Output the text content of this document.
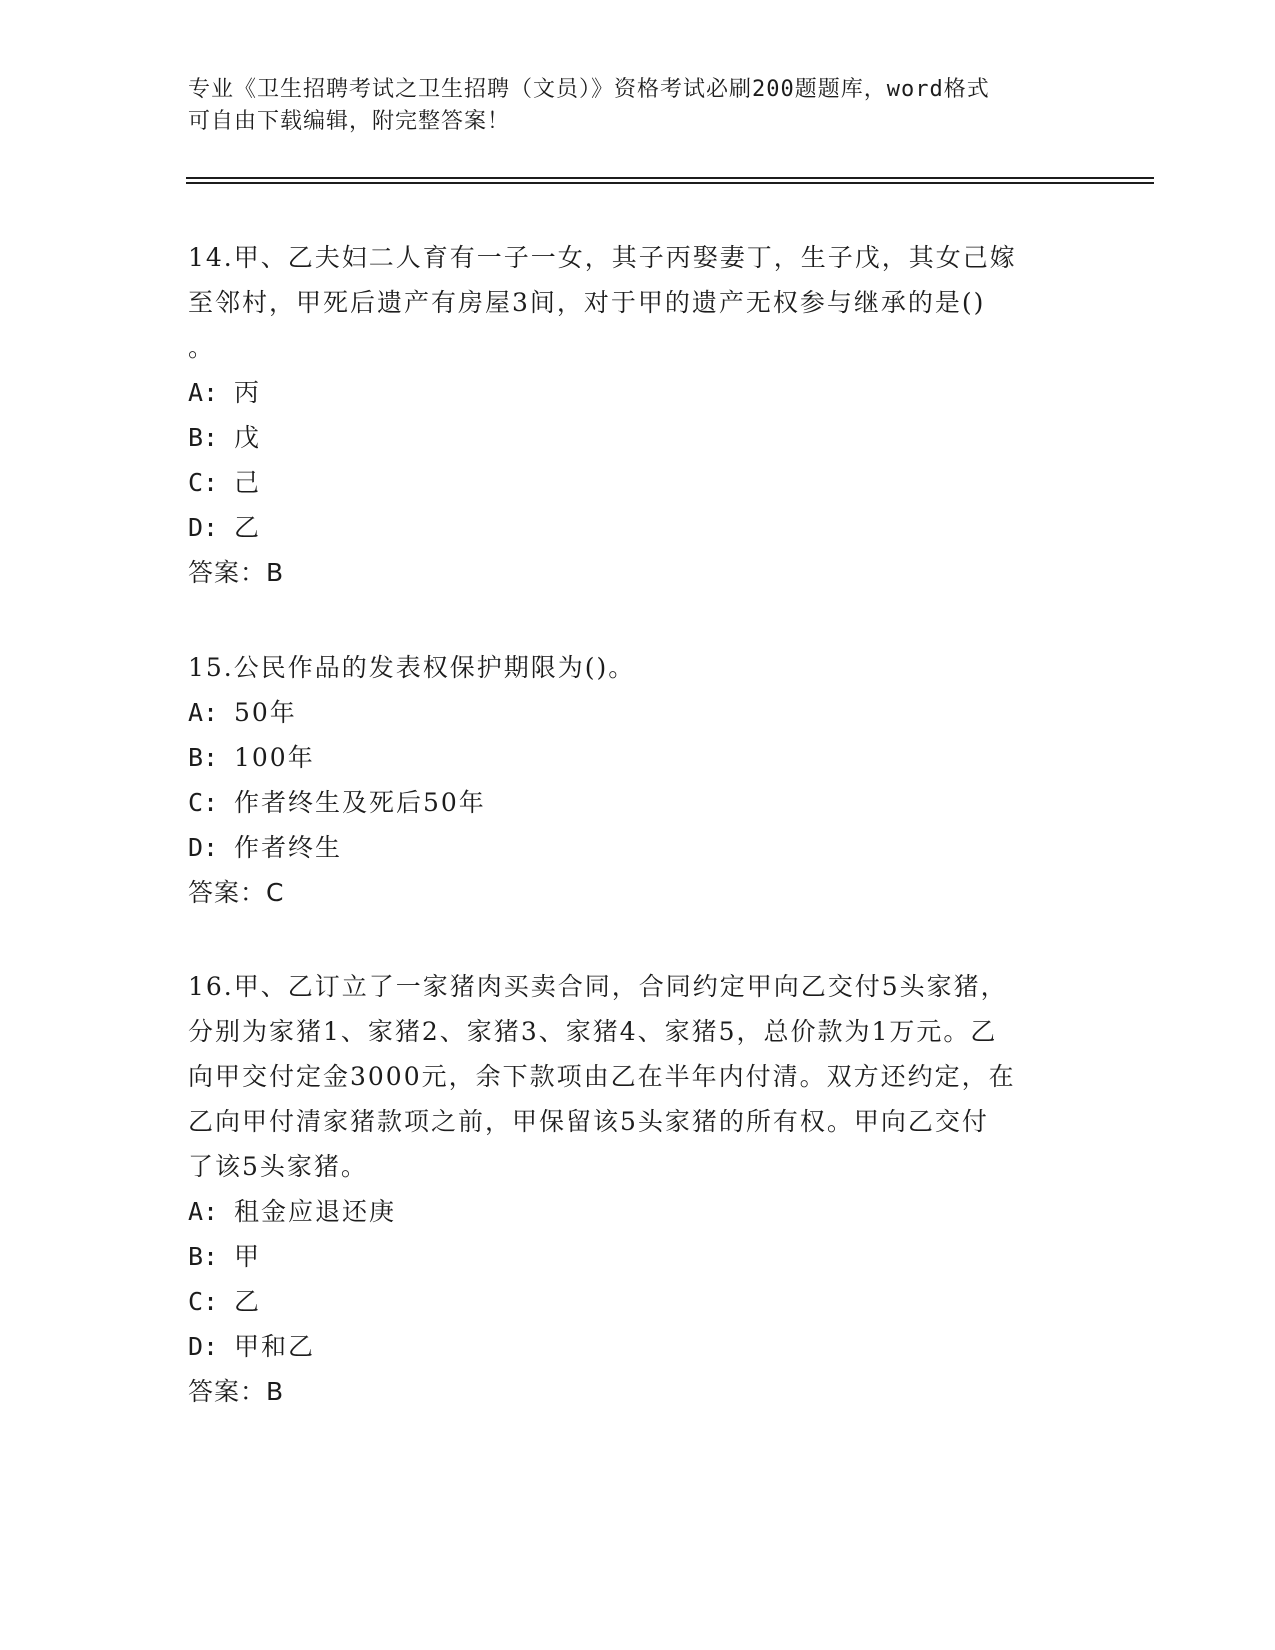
专业《卫生招聘考试之卫生招聘（文员）》资格考试必刷200题题库，word格式
可自由下载编辑，附完整答案！

14.甲、乙夫妇二人育有一子一女，其子丙娶妻丁，生子戊，其女己嫁

至邻村，甲死后遗产有房屋3间，对于甲的遗产无权参与继承的是()

。

A: 丙

B: 戊

C: 己

D: 乙

答案：B

15.公民作品的发表权保护期限为()。

A: 50年

B: 100年

C: 作者终生及死后50年

D: 作者终生

答案：C

16.甲、乙订立了一家猪肉买卖合同，合同约定甲向乙交付5头家猪，

分别为家猪1、家猪2、家猪3、家猪4、家猪5，总价款为1万元。乙

向甲交付定金3000元，余下款项由乙在半年内付清。双方还约定，在

乙向甲付清家猪款项之前，甲保留该5头家猪的所有权。甲向乙交付

了该5头家猪。

A: 租金应退还庚

B: 甲

C: 乙

D: 甲和乙

答案：B
